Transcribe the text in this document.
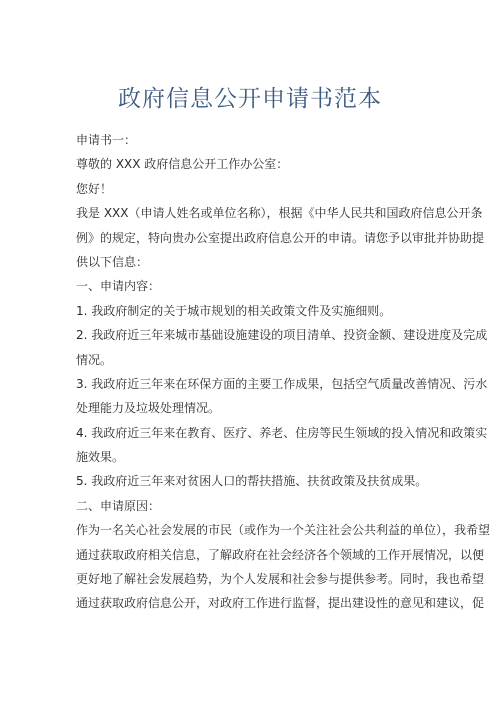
政府信息公开申请书范本
申请书一：
尊敬的 XXX 政府信息公开工作办公室：
您好！
我是 XXX（申请人姓名或单位名称），根据《中华人民共和国政府信息公开条
例》的规定，特向贵办公室提出政府信息公开的申请。请您予以审批并协助提
供以下信息：
一、申请内容：
1. 我政府制定的关于城市规划的相关政策文件及实施细则。
2. 我政府近三年来城市基础设施建设的项目清单、投资金额、建设进度及完成
情况。
3. 我政府近三年来在环保方面的主要工作成果，包括空气质量改善情况、污水
处理能力及垃圾处理情况。
4. 我政府近三年来在教育、医疗、养老、住房等民生领域的投入情况和政策实
施效果。
5. 我政府近三年来对贫困人口的帮扶措施、扶贫政策及扶贫成果。
二、申请原因：
作为一名关心社会发展的市民（或作为一个关注社会公共利益的单位），我希望
通过获取政府相关信息，了解政府在社会经济各个领域的工作开展情况，以便
更好地了解社会发展趋势，为个人发展和社会参与提供参考。同时，我也希望
通过获取政府信息公开，对政府工作进行监督，提出建设性的意见和建议，促
